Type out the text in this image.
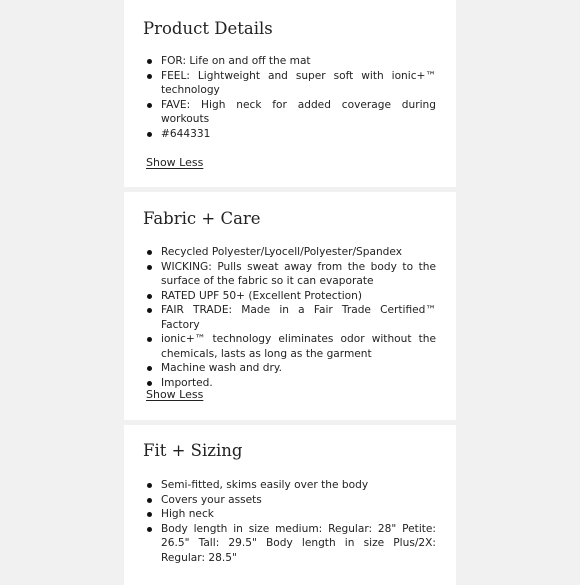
Product Details
FOR: Life on and off the mat
FEEL: Lightweight and super soft with ionic+™ technology
FAVE: High neck for added coverage during workouts
#644331
Show Less
Fabric + Care
Recycled Polyester/Lyocell/Polyester/Spandex
WICKING: Pulls sweat away from the body to the surface of the fabric so it can evaporate
RATED UPF 50+ (Excellent Protection)
FAIR TRADE: Made in a Fair Trade Certified™ Factory
ionic+™ technology eliminates odor without the chemicals, lasts as long as the garment
Machine wash and dry.
Imported.
Show Less
Fit + Sizing
Semi-fitted, skims easily over the body
Covers your assets
High neck
Body length in size medium: Regular: 28" Petite: 26.5" Tall: 29.5" Body length in size Plus/2X: Regular: 28.5"
